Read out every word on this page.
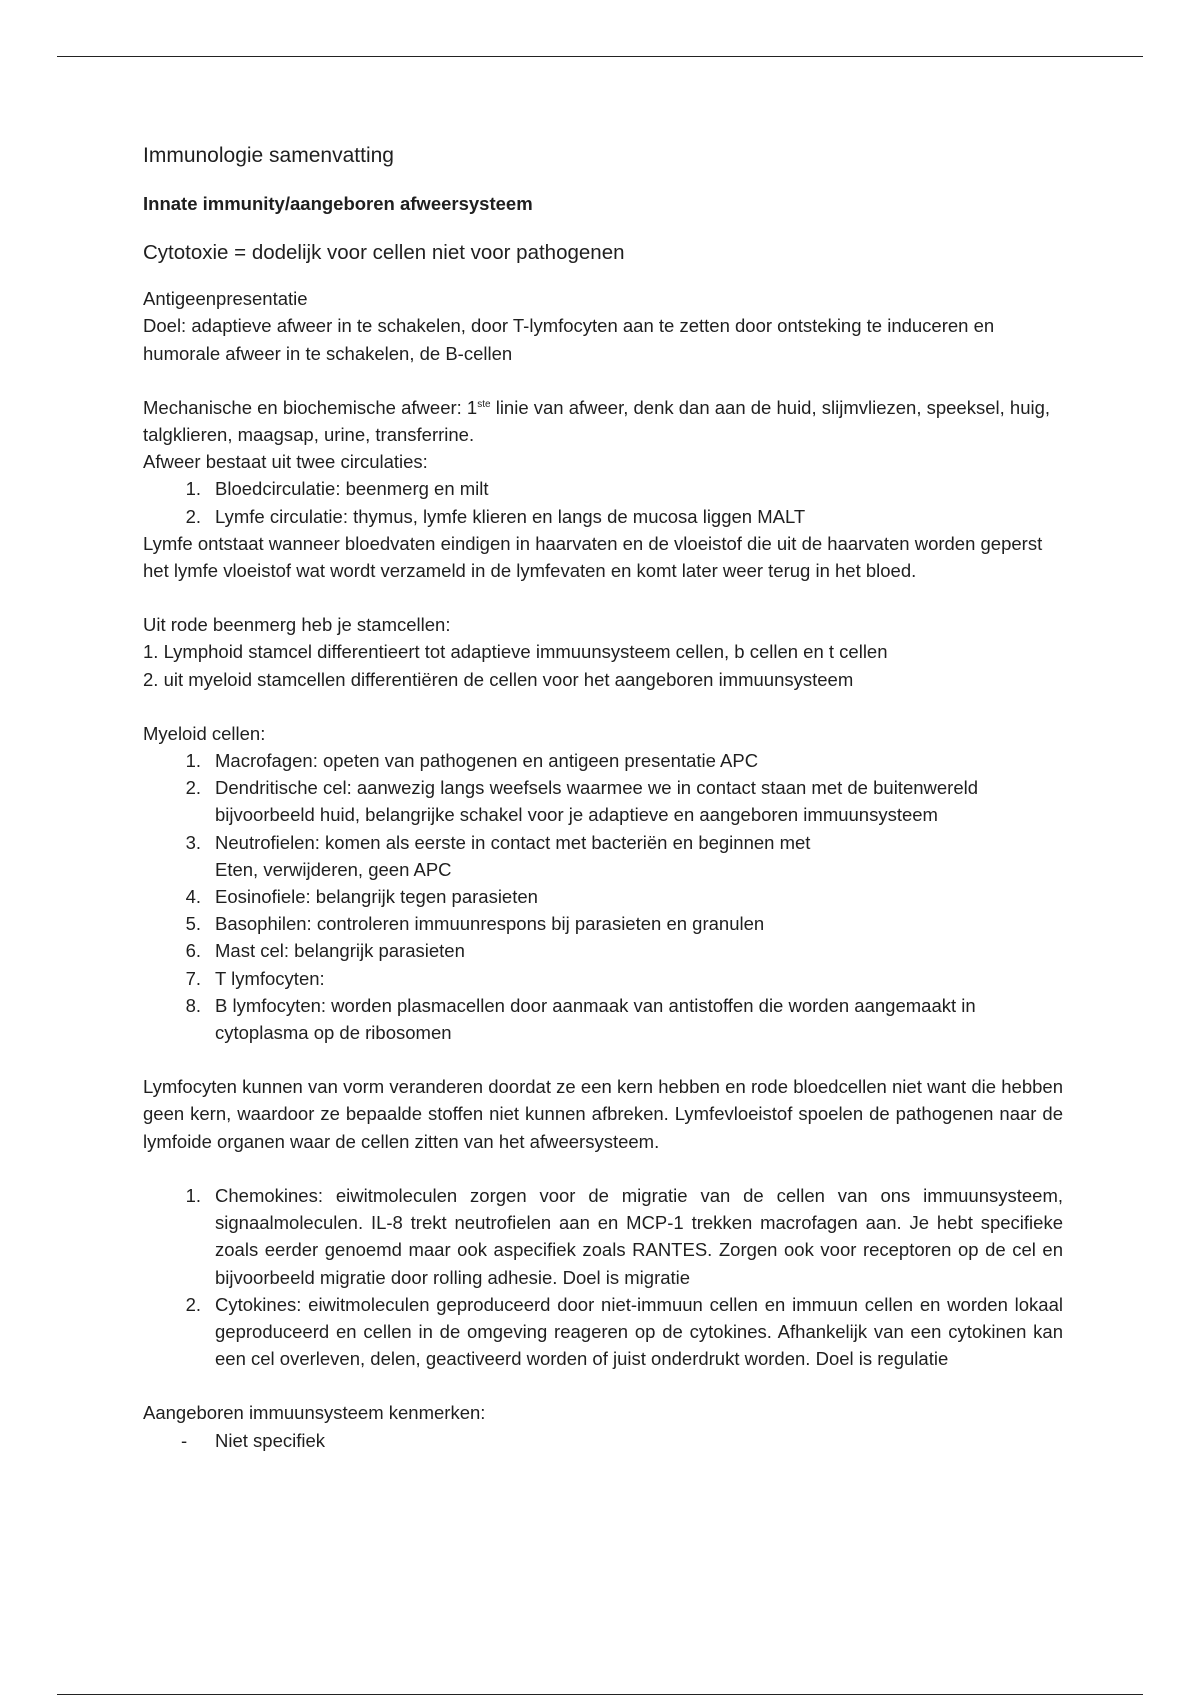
Immunologie samenvatting
Innate immunity/aangeboren afweersysteem
Cytotoxie = dodelijk voor cellen niet voor pathogenen

Antigeenpresentatie

Doel: adaptieve afweer in te schakelen, door T-lymfocyten aan te zetten door ontsteking te induceren en humorale afweer in te schakelen, de B-cellen

Mechanische en biochemische afweer: 1ste linie van afweer, denk dan aan de huid, slijmvliezen, speeksel, huig, talgklieren, maagsap, urine, transferrine.

Afweer bestaat uit twee circulaties:

1. Bloedcirculatie: beenmerg en milt
2. Lymfe circulatie: thymus, lymfe klieren en langs de mucosa liggen MALT

Lymfe ontstaat wanneer bloedvaten eindigen in haarvaten en de vloeistof die uit de haarvaten worden geperst het lymfe vloeistof wat wordt verzameld in de lymfevaten en komt later weer terug in het bloed.

Uit rode beenmerg heb je stamcellen:

1. Lymphoid stamcel differentieert tot adaptieve immuunsysteem cellen, b cellen en t cellen

2. uit myeloid stamcellen differentiëren de cellen voor het aangeboren immuunsysteem

Myeloid cellen:

1. Macrofagen: opeten van pathogenen en antigeen presentatie APC
2. Dendritische cel: aanwezig langs weefsels waarmee we in contact staan met de buitenwereld bijvoorbeeld huid, belangrijke schakel voor je adaptieve en aangeboren immuunsysteem
3. Neutrofielen: komen als eerste in contact met bacteriën en beginnen met
Eten, verwijderen, geen APC
4. Eosinofiele: belangrijk tegen parasieten
5. Basophilen: controleren immuunrespons bij parasieten en granulen
6. Mast cel: belangrijk parasieten
7. T lymfocyten:
8. B lymfocyten: worden plasmacellen door aanmaak van antistoffen die worden aangemaakt in cytoplasma op de ribosomen

Lymfocyten kunnen van vorm veranderen doordat ze een kern hebben en rode bloedcellen niet want die hebben geen kern, waardoor ze bepaalde stoffen niet kunnen afbreken. Lymfevloeistof spoelen de pathogenen naar de lymfoide organen waar de cellen zitten van het afweersysteem.

1. Chemokines: eiwitmoleculen zorgen voor de migratie van de cellen van ons immuunsysteem, signaalmoleculen. IL-8 trekt neutrofielen aan en MCP-1 trekken macrofagen aan. Je hebt specifieke zoals eerder genoemd maar ook aspecifiek zoals RANTES. Zorgen ook voor receptoren op de cel en bijvoorbeeld migratie door rolling adhesie. Doel is migratie
2. Cytokines: eiwitmoleculen geproduceerd door niet-immuun cellen en immuun cellen en worden lokaal geproduceerd en cellen in de omgeving reageren op de cytokines. Afhankelijk van een cytokinen kan een cel overleven, delen, geactiveerd worden of juist onderdrukt worden. Doel is regulatie

Aangeboren immuunsysteem kenmerken:

- Niet specifiek
